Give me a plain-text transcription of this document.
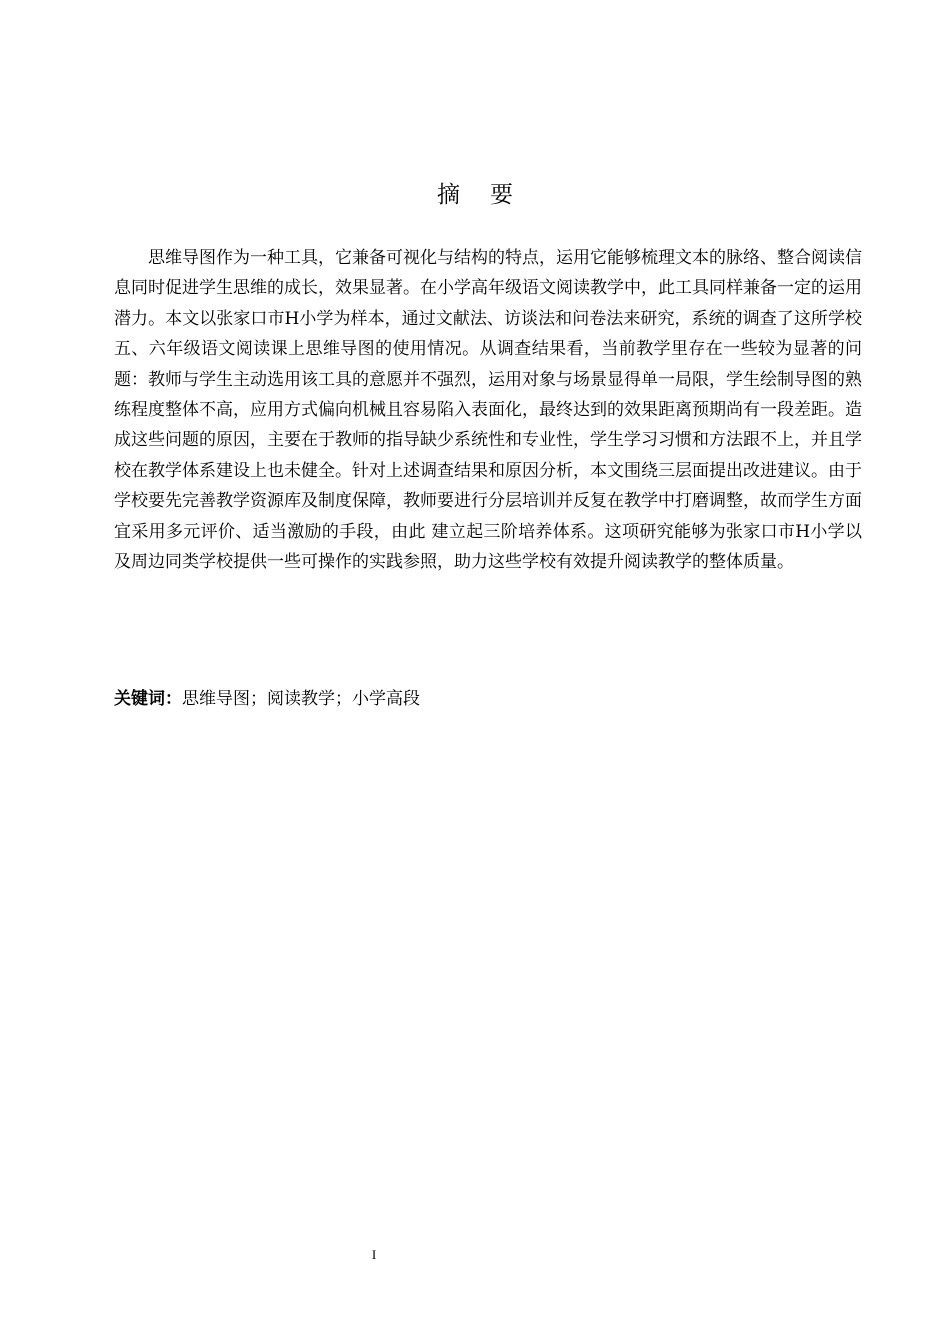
摘要

思维导图作为一种工具，它兼备可视化与结构的特点，运用它能够梳理文本的脉络、整合阅读信息同时促进学生思维的成长，效果显著。在小学高年级语文阅读教学中，此工具同样兼备一定的运用潜力。本文以张家口市H小学为样本，通过文献法、访谈法和问卷法来研究，系统的调查了这所学校五、六年级语文阅读课上思维导图的使用情况。从调查结果看，当前教学里存在一些较为显著的问题：教师与学生主动选用该工具的意愿并不强烈，运用对象与场景显得单一局限，学生绘制导图的熟练程度整体不高，应用方式偏向机械且容易陷入表面化，最终达到的效果距离预期尚有一段差距。造成这些问题的原因，主要在于教师的指导缺少系统性和专业性，学生学习习惯和方法跟不上，并且学校在教学体系建设上也未健全。针对上述调查结果和原因分析，本文围绕三层面提出改进建议。由于学校要先完善教学资源库及制度保障，教师要进行分层培训并反复在教学中打磨调整，故而学生方面宜采用多元评价、适当激励的手段，由此 建立起三阶培养体系。这项研究能够为张家口市H小学以及周边同类学校提供一些可操作的实践参照，助力这些学校有效提升阅读教学的整体质量。

关键词：思维导图；阅读教学；小学高段

I
